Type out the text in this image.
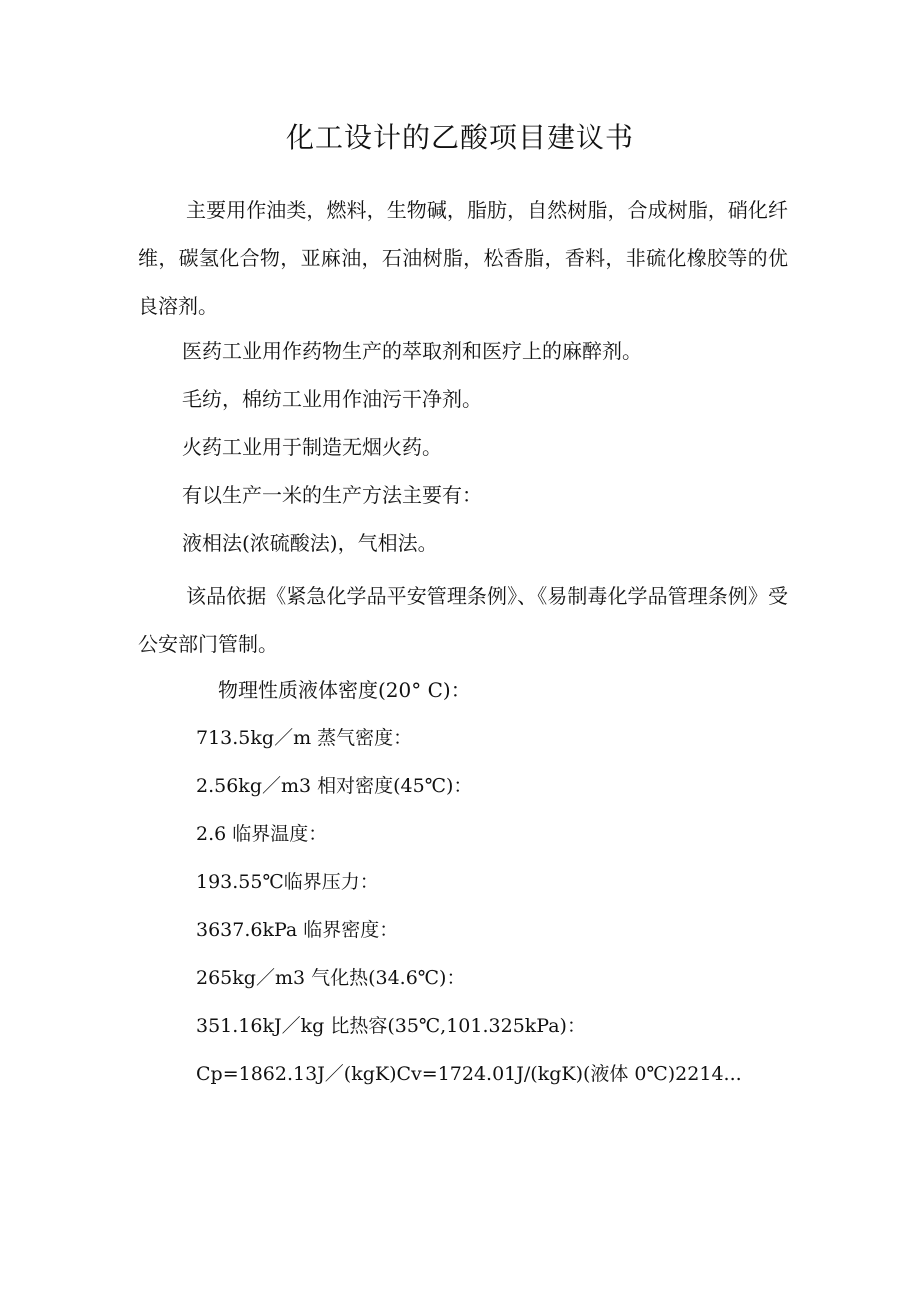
化工设计的乙酸项目建议书

主要用作油类，燃料，生物碱，脂肪，自然树脂，合成树脂，硝化纤维，碳氢化合物，亚麻油，石油树脂，松香脂，香料，非硫化橡胶等的优良溶剂。

医药工业用作药物生产的萃取剂和医疗上的麻醉剂。
毛纺，棉纺工业用作油污干净剂。
火药工业用于制造无烟火药。
有以生产一米的生产方法主要有：
液相法(浓硫酸法)，气相法。

该品依据《紧急化学品平安管理条例》、《易制毒化学品管理条例》受公安部门管制。

物理性质液体密度(20° C)：
713.5kg／m 蒸气密度：
2.56kg／m3 相对密度(45℃)：
2.6 临界温度：
193.55℃临界压力：
3637.6kPa 临界密度：
265kg／m3 气化热(34.6℃)：
351.16kJ／kg 比热容(35℃,101.325kPa)：
Cp=1862.13J／(kgK)Cv=1724.01J/(kgK)(液体 0℃)2214...
